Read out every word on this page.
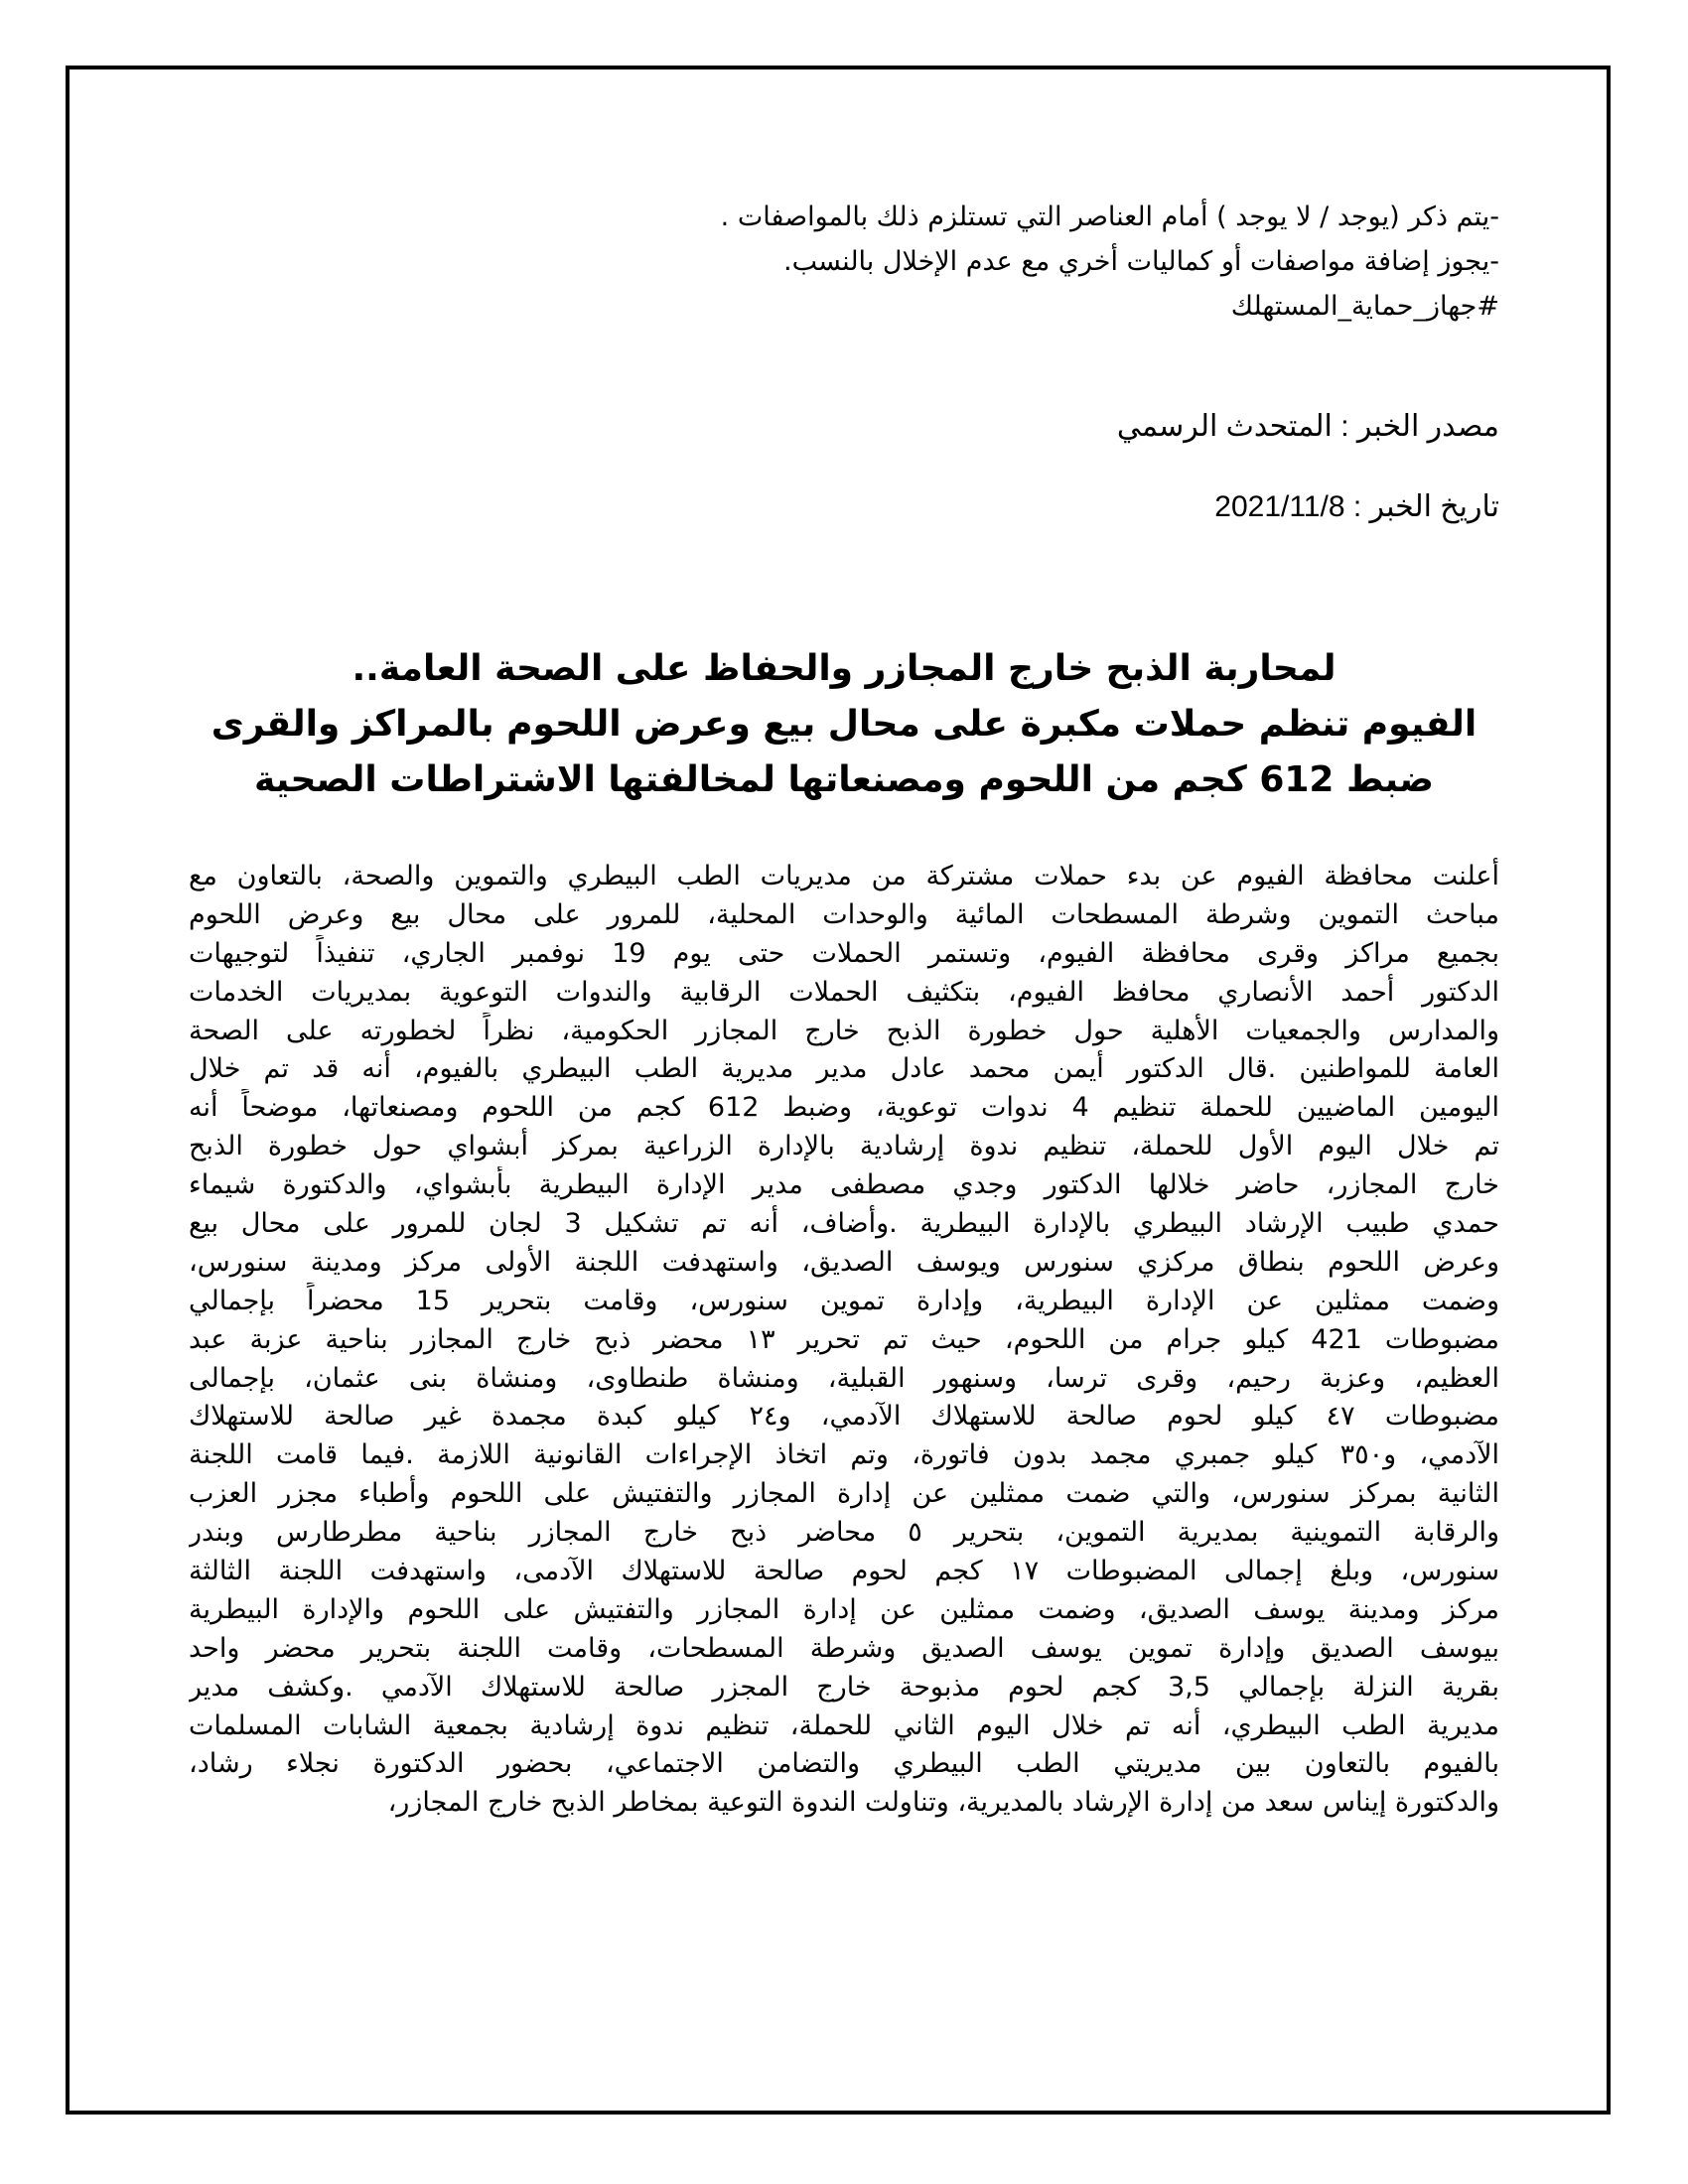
-يتم ذكر (يوجد / لا يوجد ) أمام العناصر التي تستلزم ذلك بالمواصفات .
-يجوز إضافة مواصفات أو كماليات أخري مع عدم الإخلال بالنسب.
#جهاز_حماية_المستهلك
مصدر الخبر : المتحدث الرسمي
تاريخ الخبر : 2021/11/8
لمحاربة الذبح خارج المجازر والحفاظ على الصحة العامة..
الفيوم تنظم حملات مكبرة على محال بيع وعرض اللحوم بالمراكز والقرى
ضبط 612 كجم من اللحوم ومصنعاتها لمخالفتها الاشتراطات الصحية
أعلنت محافظة الفيوم عن بدء حملات مشتركة من مديريات الطب البيطري والتموين والصحة، بالتعاون مع
مباحث التموين وشرطة المسطحات المائية والوحدات المحلية، للمرور على محال بيع وعرض اللحوم
بجميع مراكز وقرى محافظة الفيوم، وتستمر الحملات حتى يوم 19 نوفمبر الجاري، تنفيذاً لتوجيهات
الدكتور أحمد الأنصاري محافظ الفيوم، بتكثيف الحملات الرقابية والندوات التوعوية بمديريات الخدمات
والمدارس والجمعيات الأهلية حول خطورة الذبح خارج المجازر الحكومية، نظراً لخطورته على الصحة
العامة للمواطنين .قال الدكتور أيمن محمد عادل مدير مديرية الطب البيطري بالفيوم، أنه قد تم خلال
اليومين الماضيين للحملة تنظيم 4 ندوات توعوية، وضبط 612 كجم من اللحوم ومصنعاتها، موضحاً أنه
تم خلال اليوم الأول للحملة، تنظيم ندوة إرشادية بالإدارة الزراعية بمركز أبشواي حول خطورة الذبح
خارج المجازر، حاضر خلالها الدكتور وجدي مصطفى مدير الإدارة البيطرية بأبشواي، والدكتورة شيماء
حمدي طبيب الإرشاد البيطري بالإدارة البيطرية .وأضاف، أنه تم تشكيل 3 لجان للمرور على محال بيع
وعرض اللحوم بنطاق مركزي سنورس ويوسف الصديق، واستهدفت اللجنة الأولى مركز ومدينة سنورس،
وضمت ممثلين عن الإدارة البيطرية، وإدارة تموين سنورس، وقامت بتحرير 15 محضراً بإجمالي
مضبوطات 421 كيلو جرام من اللحوم، حيث تم تحرير ١٣ محضر ذبح خارج المجازر بناحية عزبة عبد
العظيم، وعزبة رحيم، وقرى ترسا، وسنهور القبلية، ومنشاة طنطاوى، ومنشاة بنى عثمان، بإجمالى
مضبوطات ٤٧ كيلو لحوم صالحة للاستهلاك الآدمي، و٢٤ كيلو كبدة مجمدة غير صالحة للاستهلاك
الآدمي، و٣٥٠ كيلو جمبري مجمد بدون فاتورة، وتم اتخاذ الإجراءات القانونية اللازمة .فيما قامت اللجنة
الثانية بمركز سنورس، والتي ضمت ممثلين عن إدارة المجازر والتفتيش على اللحوم وأطباء مجزر العزب
والرقابة التموينية بمديرية التموين، بتحرير ٥ محاضر ذبح خارج المجازر بناحية مطرطارس وبندر
سنورس، وبلغ إجمالى المضبوطات ١٧ كجم لحوم صالحة للاستهلاك الآدمى، واستهدفت اللجنة الثالثة
مركز ومدينة يوسف الصديق، وضمت ممثلين عن إدارة المجازر والتفتيش على اللحوم والإدارة البيطرية
بيوسف الصديق وإدارة تموين يوسف الصديق وشرطة المسطحات، وقامت اللجنة بتحرير محضر واحد
بقرية النزلة بإجمالي 3,5 كجم لحوم مذبوحة خارج المجزر صالحة للاستهلاك الآدمي .وكشف مدير
مديرية الطب البيطري، أنه تم خلال اليوم الثاني للحملة، تنظيم ندوة إرشادية بجمعية الشابات المسلمات
بالفيوم بالتعاون بين مديريتي الطب البيطري والتضامن الاجتماعي، بحضور الدكتورة نجلاء رشاد،
والدكتورة إيناس سعد من إدارة الإرشاد بالمديرية، وتناولت الندوة التوعية بمخاطر الذبح خارج المجازر،
